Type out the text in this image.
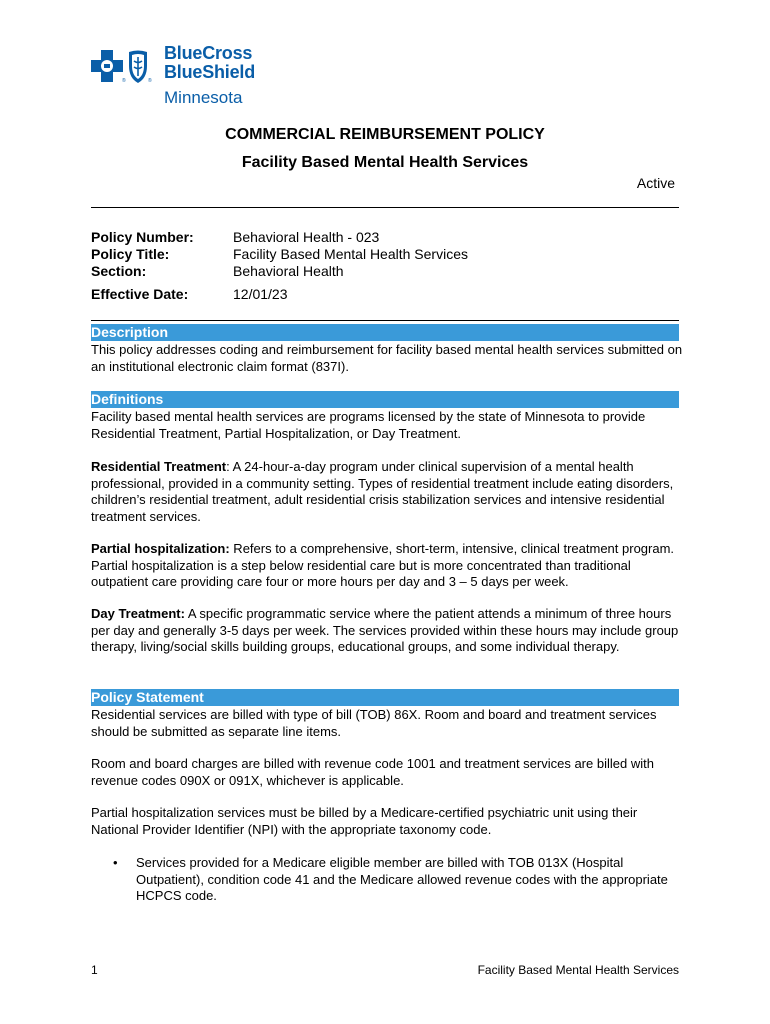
®	®
BlueCross
BlueShield
Minnesota
COMMERCIAL REIMBURSEMENT POLICY
Facility Based Mental Health Services
Active
Policy Number:	Behavioral Health - 023
Policy Title:	Facility Based Mental Health Services
Section:	Behavioral Health
Effective Date:	12/01/23
Description
This policy addresses coding and reimbursement for facility based mental health services submitted on an institutional electronic claim format (837I).
Definitions
Facility based mental health services are programs licensed by the state of Minnesota to provide Residential Treatment, Partial Hospitalization, or Day Treatment.
Residential Treatment: A 24-hour-a-day program under clinical supervision of a mental health professional, provided in a community setting. Types of residential treatment include eating disorders, children’s residential treatment, adult residential crisis stabilization services and intensive residential treatment services.
Partial hospitalization: Refers to a comprehensive, short-term, intensive, clinical treatment program. Partial hospitalization is a step below residential care but is more concentrated than traditional outpatient care providing care four or more hours per day and 3 – 5 days per week.
Day Treatment: A specific programmatic service where the patient attends a minimum of three hours per day and generally 3-5 days per week. The services provided within these hours may include group therapy, living/social skills building groups, educational groups, and some individual therapy.
Policy Statement
Residential services are billed with type of bill (TOB) 86X. Room and board and treatment services should be submitted as separate line items.
Room and board charges are billed with revenue code 1001 and treatment services are billed with revenue codes 090X or 091X, whichever is applicable.
Partial hospitalization services must be billed by a Medicare-certified psychiatric unit using their National Provider Identifier (NPI) with the appropriate taxonomy code.
• Services provided for a Medicare eligible member are billed with TOB 013X (Hospital Outpatient), condition code 41 and the Medicare allowed revenue codes with the appropriate HCPCS code.
1	Facility Based Mental Health Services
